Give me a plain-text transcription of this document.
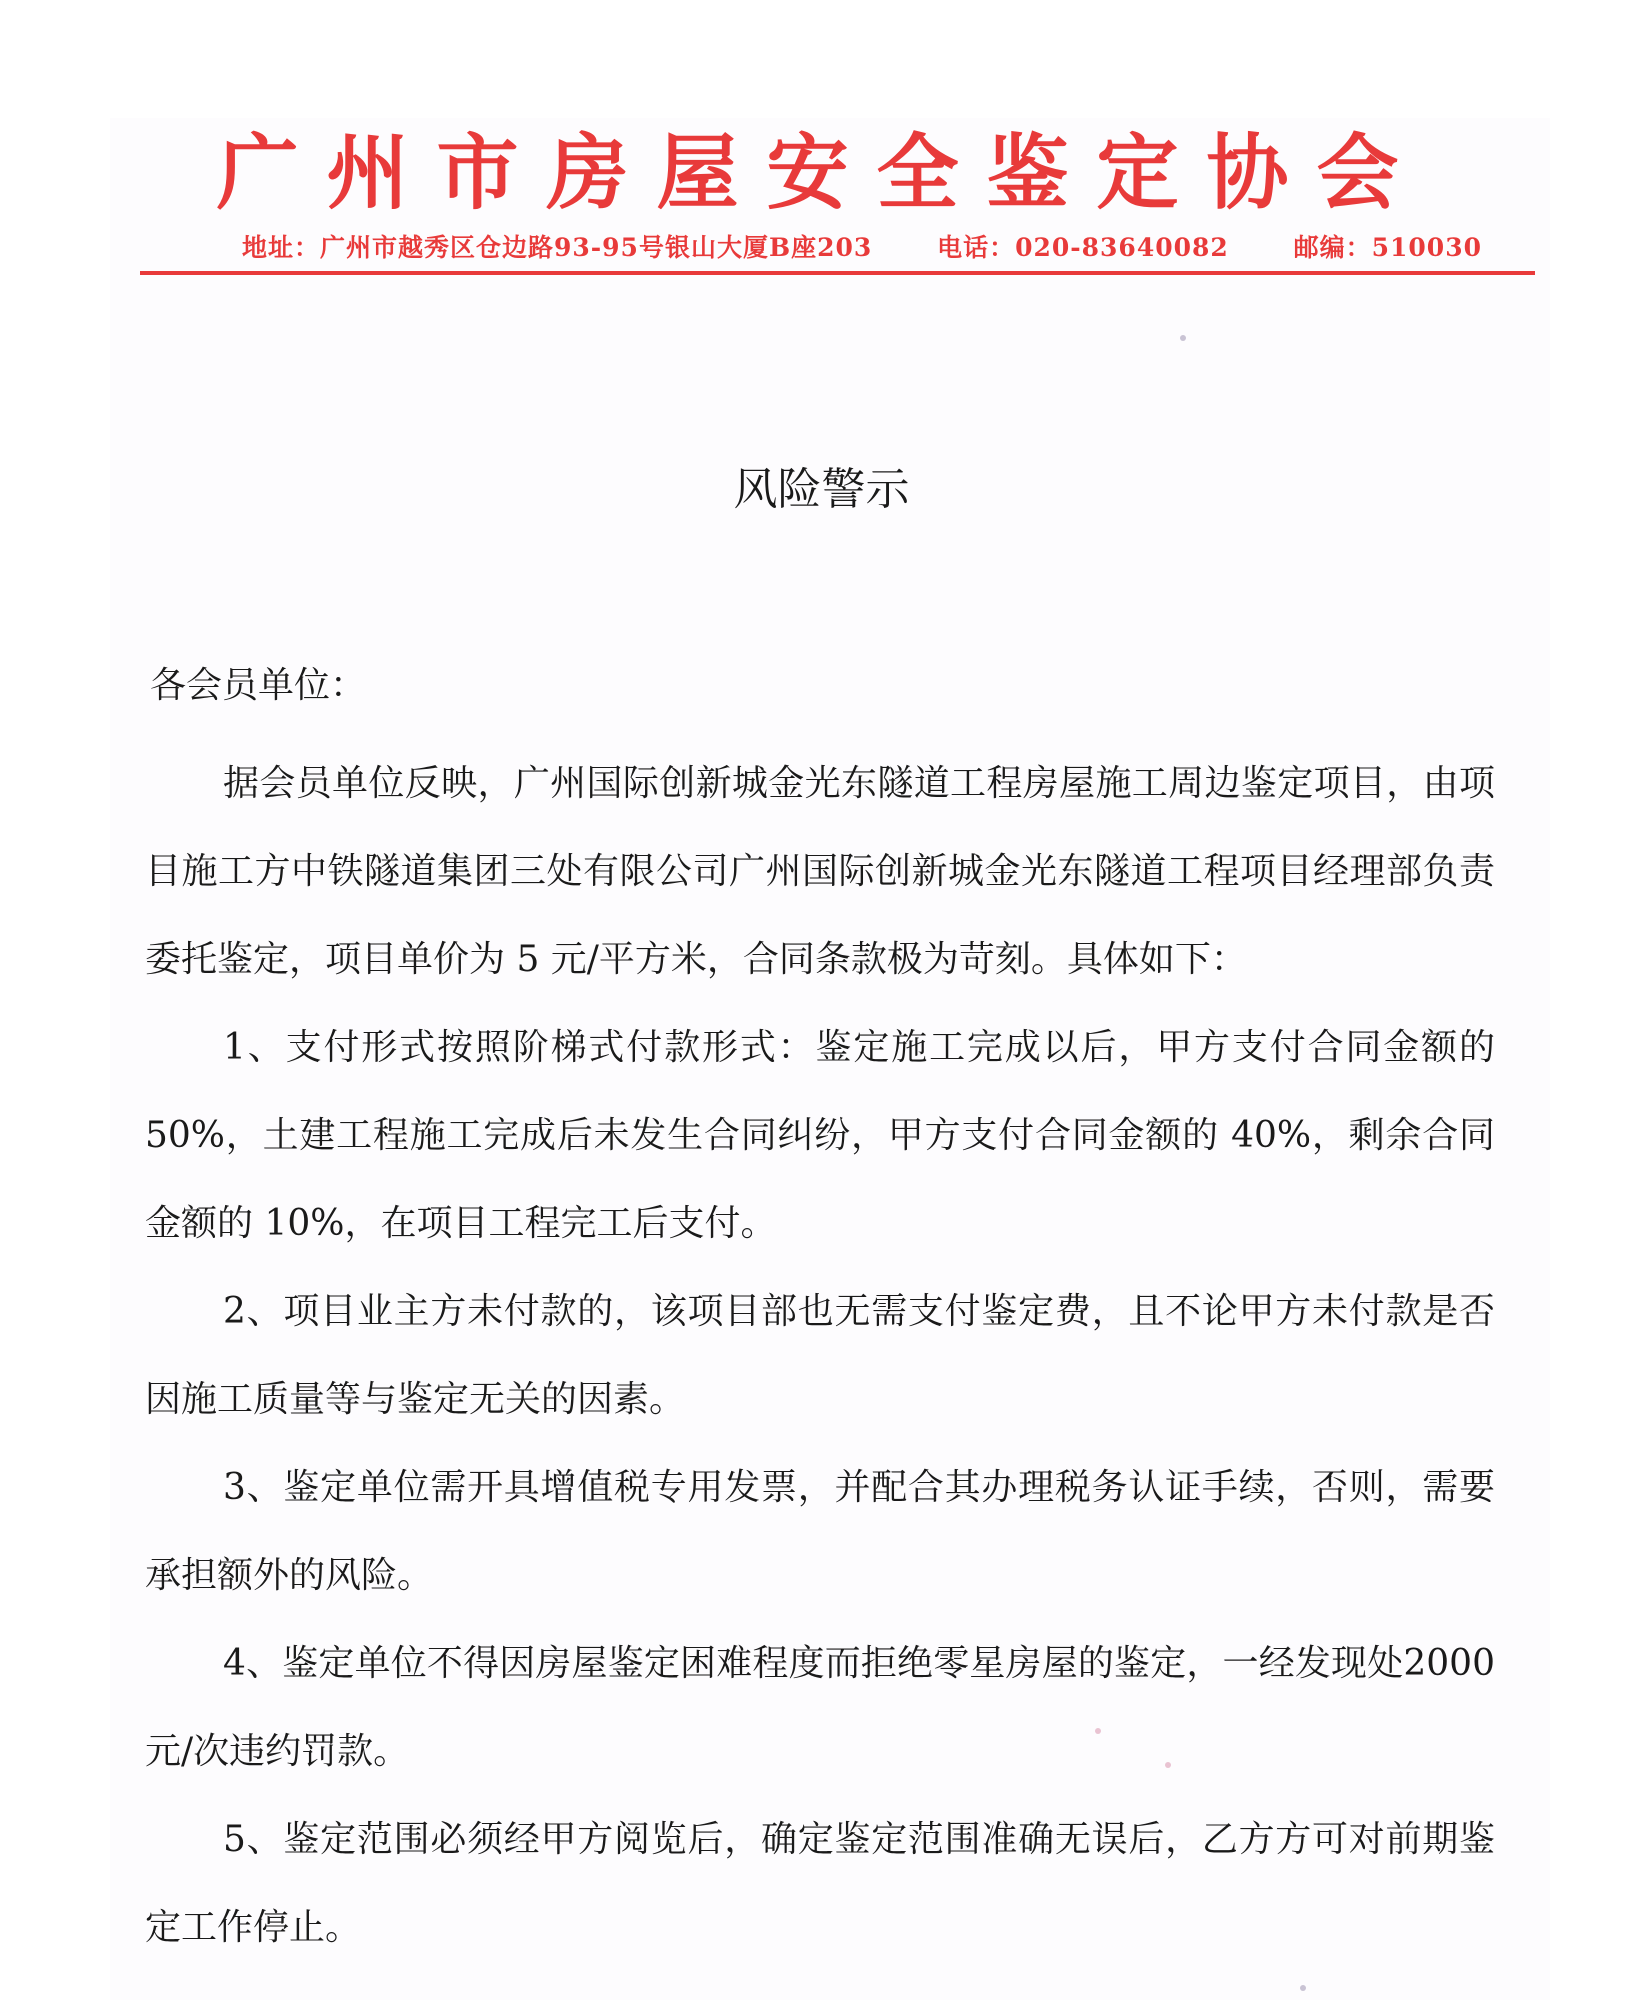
广州市房屋安全鉴定协会
地址：广州市越秀区仓边路93-95号银山大厦B座203	电话：020-83640082	邮编：510030
风险警示
各会员单位：

据会员单位反映，广州国际创新城金光东隧道工程房屋施工周边鉴定项目，由项目施工方中铁隧道集团三处有限公司广州国际创新城金光东隧道工程项目经理部负责委托鉴定，项目单价为 5 元/平方米，合同条款极为苛刻。具体如下：

1、支付形式按照阶梯式付款形式：鉴定施工完成以后，甲方支付合同金额的 50%，土建工程施工完成后未发生合同纠纷，甲方支付合同金额的 40%，剩余合同金额的 10%，在项目工程完工后支付。

2、项目业主方未付款的，该项目部也无需支付鉴定费，且不论甲方未付款是否因施工质量等与鉴定无关的因素。

3、鉴定单位需开具增值税专用发票，并配合其办理税务认证手续，否则，需要承担额外的风险。

4、鉴定单位不得因房屋鉴定困难程度而拒绝零星房屋的鉴定，一经发现处2000 元/次违约罚款。

5、鉴定范围必须经甲方阅览后，确定鉴定范围准确无误后，乙方方可对前期鉴定工作停止。
